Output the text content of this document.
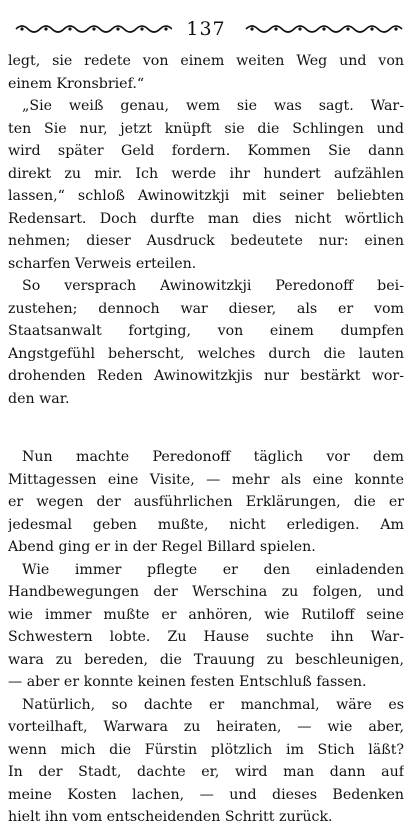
137
legt, sie redete von einem weiten Weg und von
einem Kronsbrief.“
„Sie weiß genau, wem sie was sagt. War-
ten Sie nur, jetzt knüpft sie die Schlingen und
wird später Geld fordern. Kommen Sie dann
direkt zu mir. Ich werde ihr hundert aufzählen
lassen,“ schloß Awinowitzkji mit seiner beliebten
Redensart. Doch durfte man dies nicht wörtlich
nehmen; dieser Ausdruck bedeutete nur: einen
scharfen Verweis erteilen.
So versprach Awinowitzkji Peredonoff bei-
zustehen; dennoch war dieser, als er vom
Staatsanwalt fortging, von einem dumpfen
Angstgefühl beherscht, welches durch die lauten
drohenden Reden Awinowitzkjis nur bestärkt wor-
den war.
Nun machte Peredonoff täglich vor dem
Mittagessen eine Visite, — mehr als eine konnte
er wegen der ausführlichen Erklärungen, die er
jedesmal geben mußte, nicht erledigen. Am
Abend ging er in der Regel Billard spielen.
Wie immer pflegte er den einladenden
Handbewegungen der Werschina zu folgen, und
wie immer mußte er anhören, wie Rutiloff seine
Schwestern lobte. Zu Hause suchte ihn War-
wara zu bereden, die Trauung zu beschleunigen,
— aber er konnte keinen festen Entschluß fassen.
Natürlich, so dachte er manchmal, wäre es
vorteilhaft, Warwara zu heiraten, — wie aber,
wenn mich die Fürstin plötzlich im Stich läßt?
In der Stadt, dachte er, wird man dann auf
meine Kosten lachen, — und dieses Bedenken
hielt ihn vom entscheidenden Schritt zurück.
